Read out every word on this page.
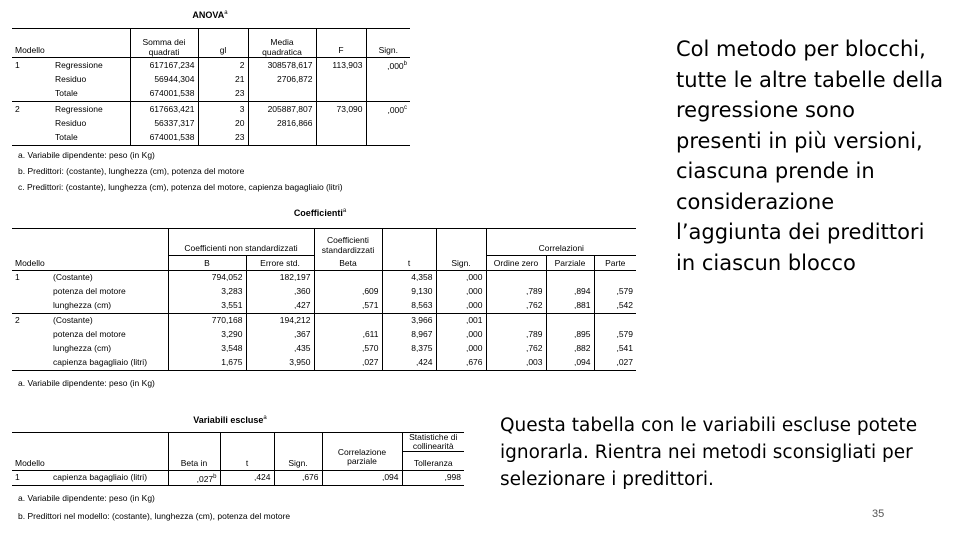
ANOVA$^a$
Modello		Somma dei quadrati	gl	Media quadratica	F	Sign.
1	Regressione	617167,234	2	308578,617	113,903	,000$^b$
	Residuo	56944,304	21	2706,872		
	Totale	674001,538	23			
2	Regressione	617663,421	3	205887,807	73,090	,000$^c$
	Residuo	56337,317	20	2816,866		
	Totale	674001,538	23			
a. Variabile dipendente: peso (in Kg)
b. Predittori: (costante), lunghezza (cm), potenza del motore
c. Predittori: (costante), lunghezza (cm), potenza del motore, capienza bagagliaio (litri)
Coefficienti$^a$
		Coefficienti non standardizzati		Coefficienti standardizzati			Correlazioni		
Modello		B	Errore std.	Beta	t	Sign.	Ordine zero	Parziale	Parte
1	(Costante)	794,052	182,197		4,358	,000			
	potenza del motore	3,283	,360	,609	9,130	,000	,789	,894	,579
	lunghezza (cm)	3,551	,427	,571	8,563	,000	,762	,881	,542
2	(Costante)	770,168	194,212		3,966	,001			
	potenza del motore	3,290	,367	,611	8,967	,000	,789	,895	,579
	lunghezza (cm)	3,548	,435	,570	8,375	,000	,762	,882	,541
	capienza bagagliaio (litri)	1,675	3,950	,027	,424	,676	,003	,094	,027
a. Variabile dipendente: peso (in Kg)
Variabili escluse$^a$
						Statistiche di collinearità
Modello		Beta in	t	Sign.	Correlazione parziale	Tolleranza
1	capienza bagagliaio (litri)	,027$^b$	,424	,676	,094	,998
a. Variabile dipendente: peso (in Kg)
b. Predittori nel modello: (costante), lunghezza (cm), potenza del motore
Col metodo per blocchi, tutte le altre tabelle della regressione sono presenti in più versioni, ciascuna prende in considerazione l’aggiunta dei predittori in ciascun blocco
Questa tabella con le variabili escluse potete ignorarla. Rientra nei metodi sconsigliati per selezionare i predittori.
35
